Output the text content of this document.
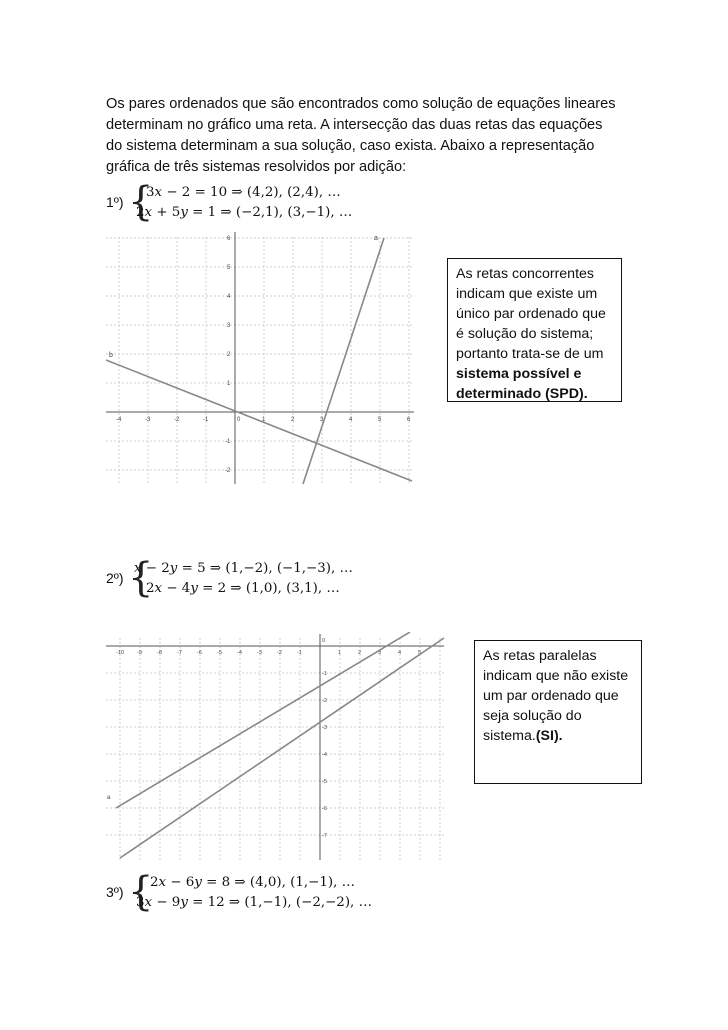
Os pares ordenados que são encontrados como solução de equações lineares
determinam no gráfico uma reta. A intersecção das duas retas das equações
do sistema determinam a sua solução, caso exista. Abaixo a representação
gráfica de três sistemas resolvidos por adição:

1º) {
3𝑥 − 2 = 10 ⇒ (4,2), (2,4), …
2𝑥 + 5𝑦 = 1 ⇒ (−2,1), (3,−1), …
-4	-3	-2	-1	0	1	2	3	4	5	6
6
5
4
3
2
1
-1
-2
a
b
As retas concorrentes
indicam que existe um
único par ordenado que
é solução do sistema;
portanto trata-se de um
sistema possível e
determinado (SPD).
2º) {
𝑥 − 2𝑦 = 5 ⇒ (1,−2), (−1,−3), …
2𝑥 − 4𝑦 = 2 ⇒ (1,0), (3,1), …
-10 -9	-8	-7	-6	-5	-4	-3	-2	-1
0
1	2	3	4	5
-1
-2
-3
-4
-5
-6
-7
a
As retas paralelas
indicam que não existe
um par ordenado que
seja solução do
sistema.(SI).
3º) {
2𝑥 − 6𝑦 = 8 ⇒ (4,0), (1,−1), …
3𝑥 − 9𝑦 = 12 ⇒ (1,−1), (−2,−2), …
